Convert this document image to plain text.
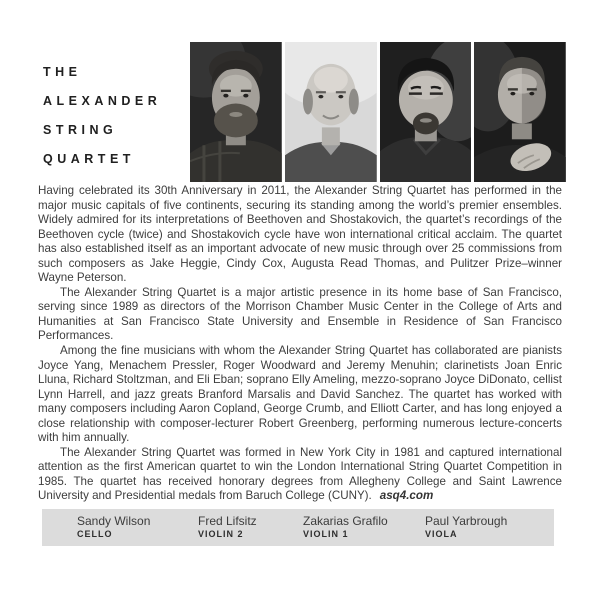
THE
ALEXANDER
STRING
QUARTET

Having celebrated its 30th Anniversary in 2011, the Alexander String Quartet has performed in the major music capitals of five continents, securing its standing among the world’s premier ensembles. Widely admired for its interpretations of Beethoven and Shostakovich, the quartet’s recordings of the Beethoven cycle (twice) and Shostakovich cycle have won international critical acclaim. The quartet has also established itself as an important advocate of new music through over 25 commissions from such composers as Jake Heggie, Cindy Cox, Augusta Read Thomas, and Pulitzer Prize–winner Wayne Peterson.

The Alexander String Quartet is a major artistic presence in its home base of San Francisco, serving since 1989 as directors of the Morrison Chamber Music Center in the College of Arts and Humanities at San Francisco State University and Ensemble in Residence of San Francisco Performances.

Among the fine musicians with whom the Alexander String Quartet has collaborated are pianists Joyce Yang, Menachem Pressler, Roger Woodward and Jeremy Menuhin; clarinetists Joan Enric Lluna, Richard Stoltzman, and Eli Eban; soprano Elly Ameling, mezzo-soprano Joyce DiDonato, cellist Lynn Harrell, and jazz greats Branford Marsalis and David Sanchez. The quartet has worked with many composers including Aaron Copland, George Crumb, and Elliott Carter, and has long enjoyed a close relationship with composer-lecturer Robert Greenberg, performing numerous lecture-concerts with him annually.

The Alexander String Quartet was formed in New York City in 1981 and captured international attention as the first American quartet to win the London International String Quartet Competition in 1985. The quartet has received honorary degrees from Allegheny College and Saint Lawrence University and Presidential medals from Baruch College (CUNY). asq4.com

Sandy Wilson
CELLO
Fred Lifsitz
VIOLIN 2
Zakarias Grafilo
VIOLIN 1
Paul Yarbrough
VIOLA
